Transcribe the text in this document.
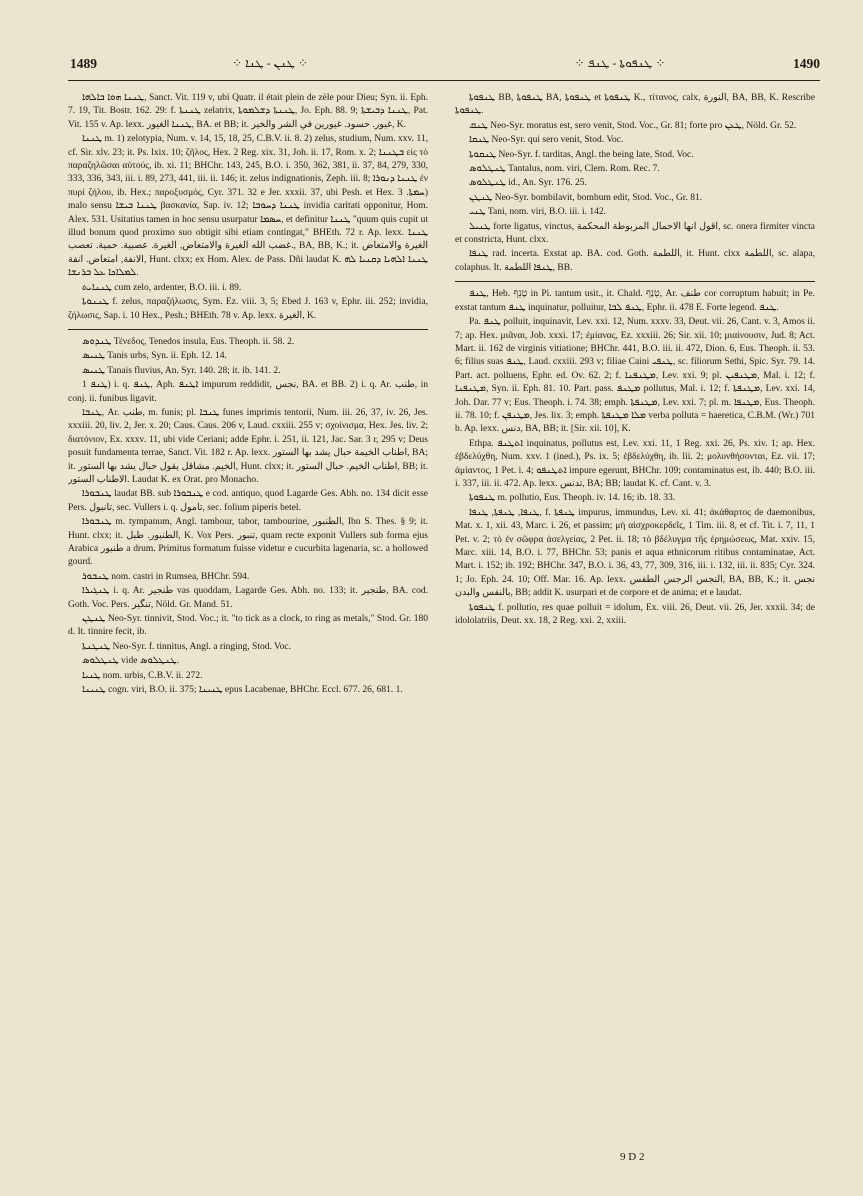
1489	⁘ ܛܢܢ - ܛܢܐ ⁘	⁘ ܛܢܦܘܬܐ - ܛܢܦ ⁘	1490

ܛܢܢܐ ܗܘܐ ܒܐܠܗܐ, Sanct. Vit. 119 v, ubi Quatr. il était plein de zèle pour Dieu; Syn. ii. Eph. 7. 19, Tit. Bostr. 162. 29: f. ܛܢܢܬܐ zelatrix, ܛܢܢܬܐ ܕܫܠܡܘܬܐ, Jo. Eph. 88. 9; ܛܢܢܐ ܕܒܝܫܬܐ, Pat. Vit. 155 v. Ap. lexx. ܛܢܢܐ الغيور, BA. et BB; it. غيور. حسود. غيورين في الشر والخير, K.

ܛܢܢܐ m. 1) zelotypia, Num. v. 14, 15, 18, 25, C.B.V. ii. 8. 2) zelus, studium, Num. xxv. 11, cf. Sir. xlv. 23; it. Ps. lxix. 10; ζῆλος, Hex. 2 Reg. xix. 31, Joh. ii. 17, Rom. x. 2; ܒܛܢܢܐ εἰς τὸ παραζηλῶσαι αὐτούς, ib. xi. 11; BHChr. 143, 245, B.O. i. 350, 362, 381, ii. 37, 84, 279, 330, 333, 336, 343, iii. i. 89, 273, 441, iii. ii. 146; it. zelus indignationis, Zeph. iii. 8; ܛܢܢܐ ܕܢܘܪܐ ἐν πυρὶ ζήλου, ib. Hex.; παροξυσμός, Cyr. 371. 32 e Jer. xxxii. 37, ubi Pesh. et Hex. ܚܡܬܐ. 3) malo sensu ܛܢܢܐ ܒܝܫܐ βασκανία, Sap. iv. 12; ܛܢܢܐ ܕܚܘܒܐ invidia caritati opponitur, Hom. Alex. 531. Usitatius tamen in hoc sensu usurpatur ܚܣܡܐ, et definitur ܛܢܢܐ "quum quis cupit ut illud bonum quod proximo suo obtigit sibi etiam contingat," BHEth. 72 r. Ap. lexx. ܛܢܢܐ غضب الله الغيرة والامتعاض, الغيرة. عصبية. حمية. تعصب., BA, BB, K.; it. الغيرة والامتعاض الانفة, امتعاض. انفة, Hunt. clxx; ex Hom. Alex. de Pass. Dñi laudat K. ܛܢܢܐ ܐܠܗܝܐ ܕܩܢܝܐ ܠܗ ܠܡܠܐܟܐ ܥܠ ܒܪܢܫܐ.

ܛܢܢܐܝܬ cum zelo, ardenter, B.O. iii. i. 89.

ܛܢܢܘܬܐ f. zelus, παραζήλωσις, Sym. Ez. viii. 3, 5; Ebed J. 163 v, Ephr. iii. 252; invidia, ζήλωσις, Sap. i. 10 Hex., Pesh.; BHEth. 78 v. Ap. lexx. الغيرة, K.

ܛܢܕܘܣ Τένεδος, Tenedos insula, Eus. Theoph. ii. 58. 2.

ܛܢܝܣ Tanis urbs, Syn. ii. Eph. 12. 14.

ܛܢܝܣ Tanais fluvius, An. Syr. 140. 28; it. ib. 141. 2.

ܛܢܦ 1) i. q. ܛܢܦ, Aph. ܐܛܢܦ impurum reddidit, نجس, BA. et BB. 2) i. q. Ar. طنب, in conj. ii. funibus ligavit.

ܛܢܒܐ, Ar. طنب, m. funis; pl. ܛܢܒܐ funes imprimis tentorii, Num. iii. 26, 37, iv. 26, Jes. xxxiii. 20, liv. 2, Jer. x. 20; Caus. Caus. 206 v, Laud. cxxiii. 255 v; σχοίνισμα, Hex. Jes. liv. 2; διατόνιον, Ex. xxxv. 11, ubi vide Ceriani; adde Ephr. i. 251, ii. 121, Jac. Sar. 3 r, 295 v; Deus posuit fundamenta terrae, Sanct. Vit. 182 r. Ap. lexx. اطناب الخيمة حبال يشد بها الستور, BA; it. الخيم. مشاقل يقول حبال يشد بها الستور, Hunt. clxx; it. اطناب الخيم. حبال الستور, BB; it. الاطناب الستور. Laudat K. ex Orat. pro Monacho.

ܛܢܒܘܪܐ laudat BB. sub ܛܢܒܘܪܐ e cod. antiquo, quod Lagarde Ges. Abh. no. 134 dicit esse Pers. تانبول, sec. Vullers i. q. تامول, sec. folium piperis betel.

ܛܢܒܘܪܐ m. tympanum, Angl. tambour, tabor, tambourine, الطنبور, Ibn S. Thes. § 9; it. Hunt. clxx; it. الطنبور. طبل, K. Vox Pers. تنبور, quam recte exponit Vullers sub forma ejus Arabica طنبور a drum. Primitus formatum fuisse videtur e cucurbita lagenaria, sc. a hollowed gourd.

ܛܢܒܘܪ nom. castri in Rumsea, BHChr. 594.

ܛܢܓܝܪܐ i. q. Ar. طنجير vas quoddam, Lagarde Ges. Abh. no. 133; it. طنجير, BA. cod. Goth. Voc. Pers. تنگير, Nöld. Gr. Mand. 51.

ܛܢܛܢ Neo-Syr. tinnivit, Stod. Voc.; it. "to tick as a clock, to ring as metals," Stod. Gr. 180 d. It. tinnire fecit, ib.

ܛܢܛܢܬܐ Neo-Syr. f. tinnitus, Angl. a ringing, Stod. Voc.

ܛܢܛܠܘܣ vide ܛܢܛܠܘܣ.

ܛܢܝܐ nom. urbis, C.B.V. ii. 272.

ܛܢܝܢܐ cogn. viri, B.O. ii. 375; ܛܢܝܢܐ epus Lacabenae, BHChr. Eccl. 677. 26, 681. 1.

ܛܢܦܘܬܐ BB, ܛܢܦܘܬܐ BA, ܛܢܦܘܬܐ et ܛܢܦܘܬܐ K., τίτανος, calx, النورة, BA, BB, K. Rescribe ܛܢܦܘܬܐ.

ܛܢܩ Neo-Syr. moratus est, sero venit, Stod. Voc., Gr. 81; forte pro ܛܥܢ, Nöld. Gr. 52.

ܛܢܩܐ Neo-Syr. qui sero venit, Stod. Voc.

ܛܢܩܘܬܐ Neo-Syr. f. tarditas, Angl. the being late, Stod. Voc.

ܛܢܛܠܘܣ Tantalus, nom. viri, Clem. Rom. Rec. 7.

ܛܢܛܠܘܣ id., An. Syr. 176. 25.

ܛܢܛܢ Neo-Syr. bombilavit, bombum edit, Stod. Voc., Gr. 81.

ܛܢܝ Tani, nom. viri, B.O. iii. i. 142.

ܛܢܝܠ forte ligatus, vinctus, اقول انها الاحمال المربوطة المحكمة, sc. onera firmiter vincta et constricta, Hunt. clxx.

ܛܢܦܐ rad. incerta. Exstat ap. BA. cod. Goth. اللطمة, it. Hunt. clxx اللطمة, sc. alapa, colaphus. It. ܛܢܦܐ اللطمة, BB.

ܛܢܦ, Heb. טָנֵף in Pi. tantum usit., it. Chald. טְנַף, Ar. طنف cor corruptum habuit; in Pe. exstat tantum ܛܢܦ inquinatur, polluitur, ܛܢܦ ܠܒܐ, Ephr. ii. 478 E. Forte legend. ܛܢܦ.

Pa. ܛܢܦ polluit, inquinavit, Lev. xxi. 12, Num. xxxv. 33, Deut. vii. 26, Cant. v. 3, Amos ii. 7; ap. Hex. μιᾶναι, Job. xxxi. 17; ἐμίανας, Ez. xxxiii. 26; Sir. xii. 10; μιαίνουσιν, Jud. 8; Act. Mart. ii. 162 de virginis vitiatione; BHChr. 441, B.O. iii. ii. 472, Dion. 6, Eus. Theoph. ii. 53. 6; filius suas ܛܢܦ, Laud. cxxiii. 293 v; filiae Caini ܛܢܦܝ, sc. filiorum Sethi, Spic. Syr. 79. 14. Part. act. polluens, Ephr. ed. Ov. 62. 2; f. ܡܛܢܦܢܐ, Lev. xxi. 9; pl. ܡܛܢܦܝܢ, Mal. i. 12; f. ܡܛܢܦܢܐ, Syn. ii. Eph. 81. 10. Part. pass. ܡܛܢܦ pollutus, Mal. i. 12; f. ܡܛܢܦܬܐ, Lev. xxi. 14, Joh. Dar. 77 v; Eus. Theoph. i. 74. 38; emph. ܡܛܢܦܬܐ, Lev. xxi. 7; pl. m. ܡܛܢܦܐ, Eus. Theoph. ii. 78. 10; f. ܡܛܢܦܢ, Jes. lix. 3; emph. ܡܠܐ ܡܛܢܦܬܐ verba polluta = haeretica, C.B.M. (Wr.) 701 b. Ap. lexx. دنس, BA, BB; it. [Sir. xii. 10], K.

Ethpa. ܐܬܛܢܦ inquinatus, pollutus est, Lev. xxi. 11, 1 Reg. xxi. 26, Ps. xiv. 1; ap. Hex. ἐβδελύχθη, Num. xxv. 1 (ined.), Ps. ix. 5; ἐβδελύχθη, ib. lii. 2; μολυνθήσονται, Ez. vii. 17; ἀμίαντος, 1 Pet. i. 4; ܐܬܛܢܦܘ impure egerunt, BHChr. 109; contaminatus est, ib. 440; B.O. iii. i. 337, iii. ii. 472. Ap. lexx. تدنس, BA; BB; laudat K. cf. Cant. v. 3.

ܛܢܦܘܬܐ m. pollutio, Eus. Theoph. iv. 14. 16; ib. 18. 33.

ܛܢܦܐ, ܛܢܦܬܐ, ܛܢܦܐ, f. ܛܢܦܬܐ impurus, immundus, Lev. xi. 41; ἀκάθαρτος de daemonibus, Mat. x. 1, xii. 43, Marc. i. 26, et passim; μὴ αἰσχροκερδεῖς, 1 Tim. iii. 8, et cf. Tit. i. 7, 11, 1 Pet. v. 2; τὸ ἐν σῶφρα ἀσελγείας, 2 Pet. ii. 18; τὸ βδέλυγμα τῆς ἐρημώσεως, Mat. xxiv. 15, Marc. xiii. 14, B.O. i. 77, BHChr. 53; panis et aqua ethnicorum ritibus contaminatae, Act. Mart. i. 152; ib. 192; BHChr. 347, B.O. i. 36, 43, 77, 309, 316, iii. i. 132, iii. ii. 835; Cyr. 324. 1; Jo. Eph. 24. 10; Off. Mar. 16. Ap. lexx. النجس الرجس الطفس, BA, BB, K.; it. نجس بالنفس والبدن, BB; addit K. usurpari et de corpore et de anima; et e laudat.

ܛܢܦܘܬܐ f. pollutio, res quae polluit = idolum, Ex. viii. 26, Deut. vii. 26, Jer. xxxii. 34; de idololatriis, Deut. xx. 18, 2 Reg. xxi. 2, xxiii.

9 D 2
